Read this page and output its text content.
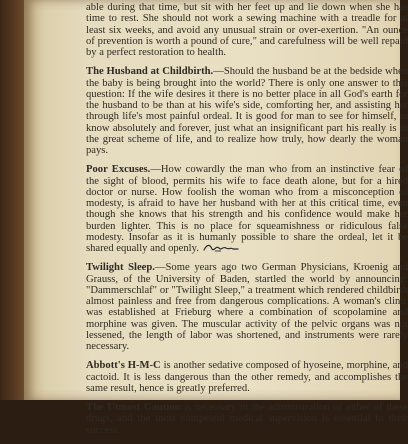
able during that time, but sit with her feet up and lie down when she has time to rest. She should not work a sewing machine with a treadle for at least six weeks, and avoid any unusual strain or over-exertion. "An ounce of prevention is worth a pound of cure," and carefulness will be well repaid by a perfect restoration to health.

The Husband at Childbirth.—Should the husband be at the bedside when the baby is being brought into the world? There is only one answer to this question: If the wife desires it there is no better place in all God's earth for the husband to be than at his wife's side, comforting her, and assisting her through life's most painful ordeal. It is good for man to see for himself, to know absolutely and forever, just what an insignificant part his really is in the great scheme of life, and to realize how truly, how dearly the woman pays.

Poor Excuses.—How cowardly the man who from an instinctive fear of the sight of blood, permits his wife to face death alone, but for a hired doctor or nurse. How foolish the woman who from a misconception of modesty, is afraid to have her husband with her at this critical time, even though she knows that his strength and his confidence would make her burden lighter. This is no place for squeamishness or ridiculous false modesty. Insofar as it is humanly possible to share the ordeal, let it be shared equally and openly.

Twilight Sleep.—Some years ago two German Physicians, Kroenig and Grauss, of the University of Baden, startled the world by announcing: "Dammerschlaf" or "Twilight Sleep," a treatment which rendered childbirth almost painless and free from dangerous complications. A woman's clinic was established at Frieburg where a combination of scopolamine and morphine was given. The muscular activity of the pelvic organs was not lessened, the length of labor was shortened, and instruments were rarely necessary.

Abbott's H-M-C is another sedative composed of hyoseine, morphine, and cactoid. It is less dangerous than the other remedy, and accomplishes the same result, hence is greatly preferred.

The Utmost Caution is necessary in the administration of either of these drugs, and the most competent medical supervision is essential to their success.
